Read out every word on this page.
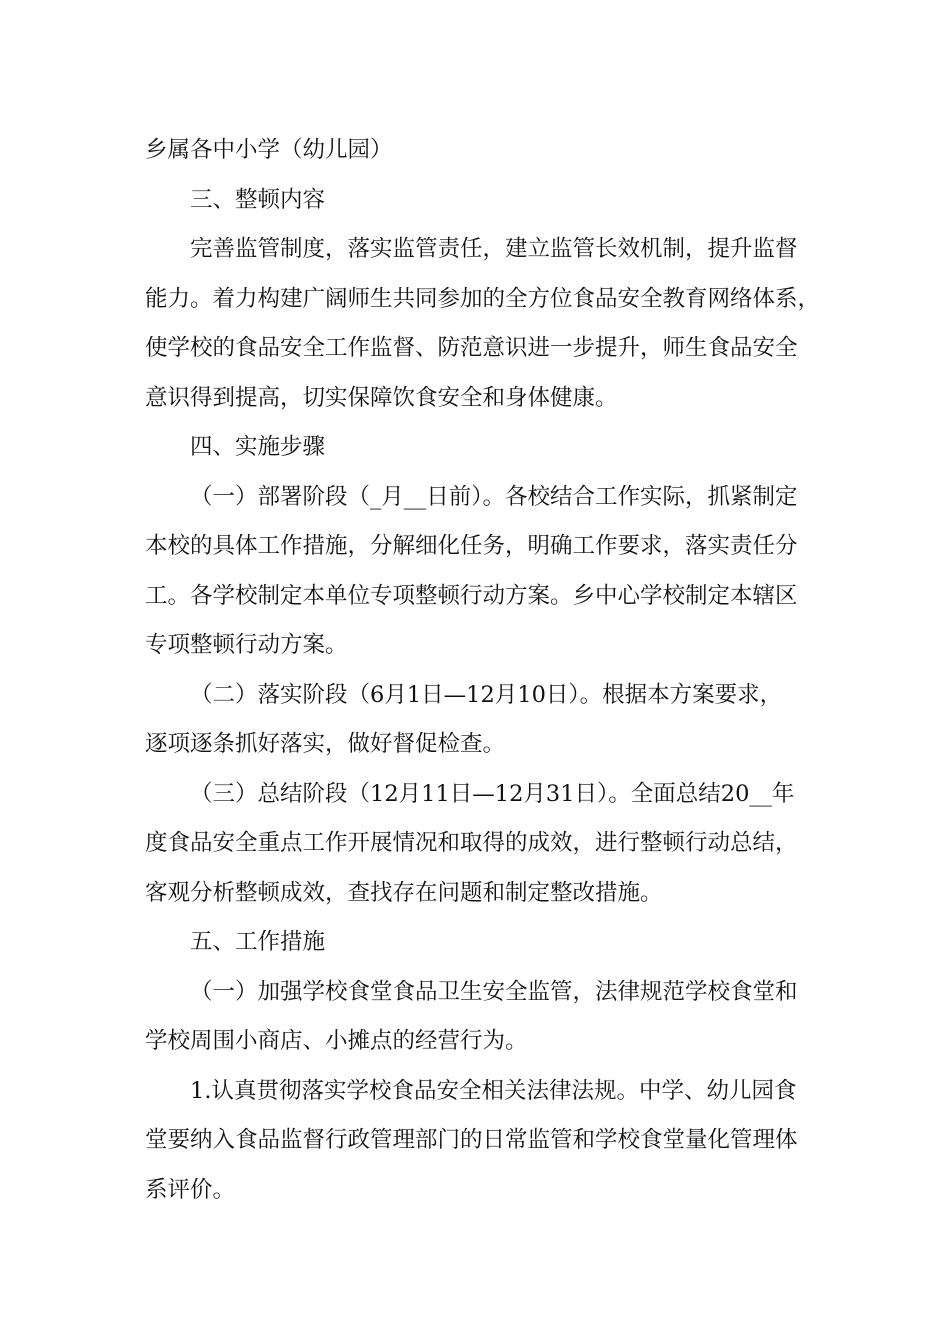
乡属各中小学（幼儿园）
三、整顿内容
完善监管制度，落实监管责任，建立监管长效机制，提升监督
能力。着力构建广阔师生共同参加的全方位食品安全教育网络体系，
使学校的食品安全工作监督、防范意识进一步提升，师生食品安全
意识得到提高，切实保障饮食安全和身体健康。
四、实施步骤
（一）部署阶段（_月__日前）。各校结合工作实际，抓紧制定
本校的具体工作措施，分解细化任务，明确工作要求，落实责任分
工。各学校制定本单位专项整顿行动方案。乡中心学校制定本辖区
专项整顿行动方案。
（二）落实阶段（6月1日—12月10日）。根据本方案要求，
逐项逐条抓好落实，做好督促检查。
（三）总结阶段（12月11日—12月31日）。全面总结20__年
度食品安全重点工作开展情况和取得的成效，进行整顿行动总结，
客观分析整顿成效，查找存在问题和制定整改措施。
五、工作措施
（一）加强学校食堂食品卫生安全监管，法律规范学校食堂和
学校周围小商店、小摊点的经营行为。
1.认真贯彻落实学校食品安全相关法律法规。中学、幼儿园食
堂要纳入食品监督行政管理部门的日常监管和学校食堂量化管理体
系评价。
